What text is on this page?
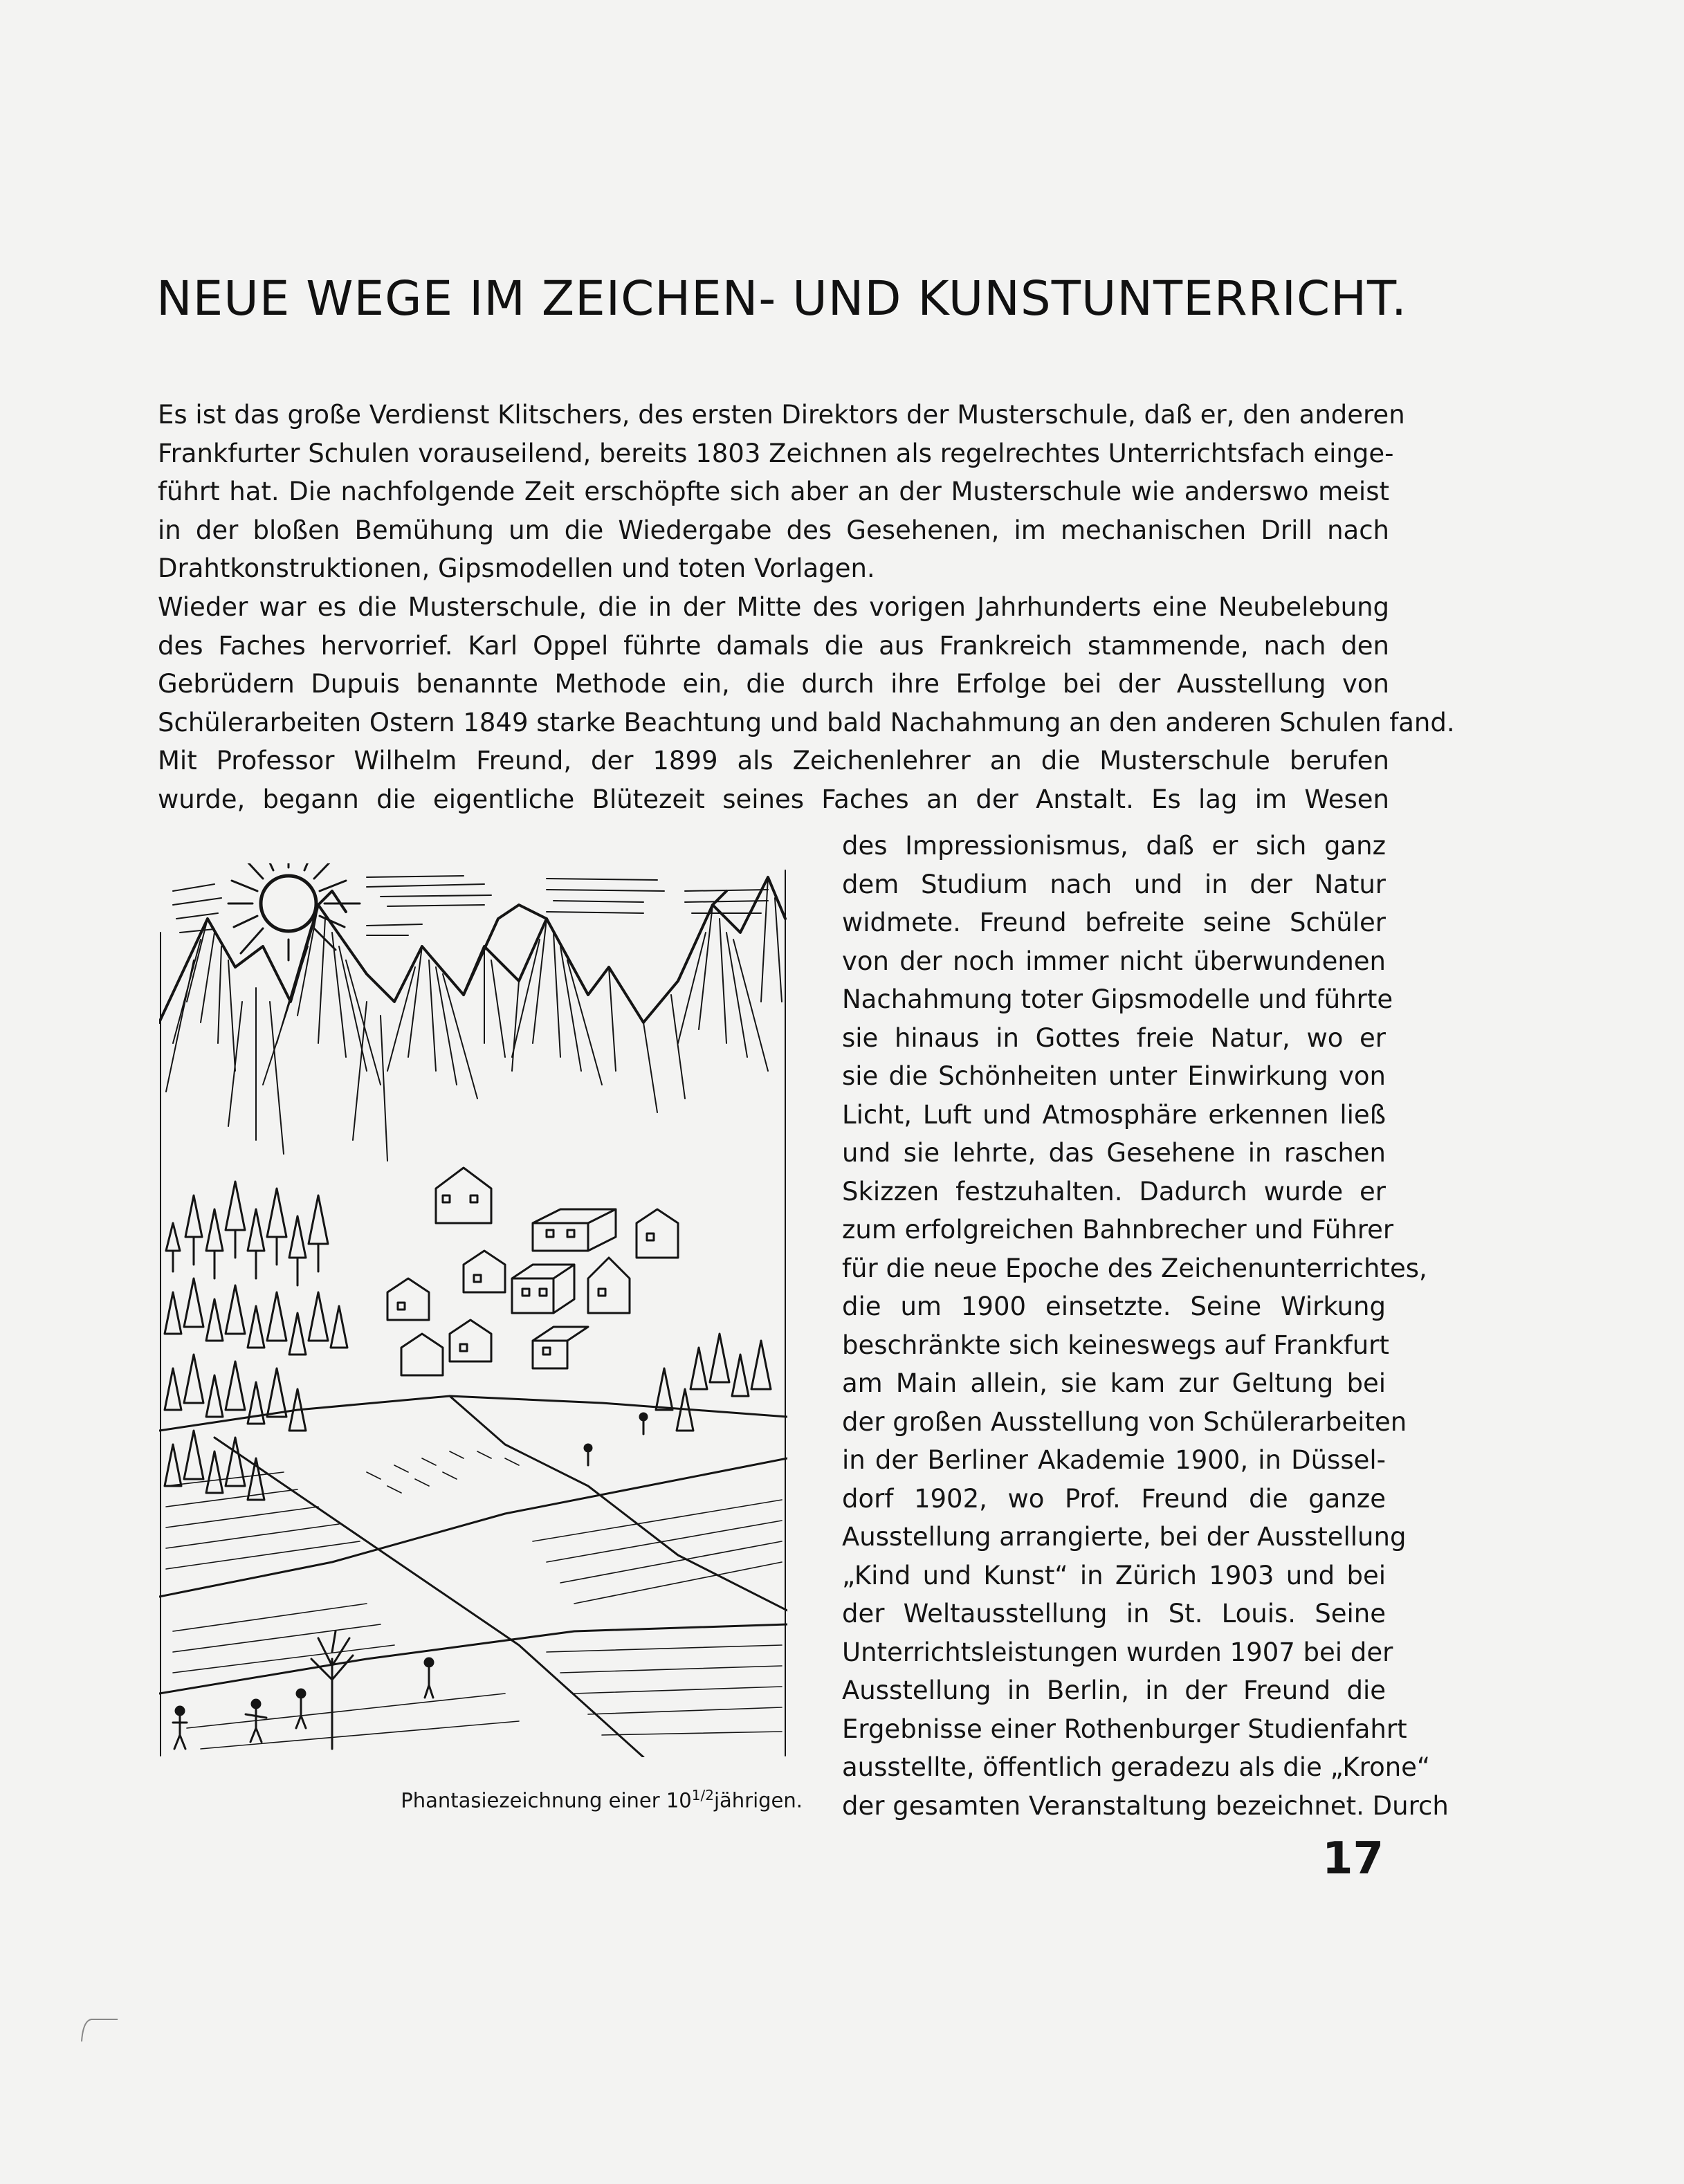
NEUE WEGE IM ZEICHEN- UND KUNSTUNTERRICHT.
Es ist das große Verdienst Klitschers, des ersten Direktors der Musterschule, daß er, den anderen
Frankfurter Schulen vorauseilend, bereits 1803 Zeichnen als regelrechtes Unterrichtsfach einge-
führt hat. Die nachfolgende Zeit erschöpfte sich aber an der Musterschule wie anderswo meist
in der bloßen Bemühung um die Wiedergabe des Gesehenen, im mechanischen Drill nach
Drahtkonstruktionen, Gipsmodellen und toten Vorlagen.
Wieder war es die Musterschule, die in der Mitte des vorigen Jahrhunderts eine Neubelebung
des Faches hervorrief. Karl Oppel führte damals die aus Frankreich stammende, nach den
Gebrüdern Dupuis benannte Methode ein, die durch ihre Erfolge bei der Ausstellung von
Schülerarbeiten Ostern 1849 starke Beachtung und bald Nachahmung an den anderen Schulen fand.
Mit Professor Wilhelm Freund, der 1899 als Zeichenlehrer an die Musterschule berufen
wurde, begann die eigentliche Blütezeit seines Faches an der Anstalt. Es lag im Wesen
des Impressionismus, daß er sich ganz
dem Studium nach und in der Natur
widmete. Freund befreite seine Schüler
von der noch immer nicht überwundenen
Nachahmung toter Gipsmodelle und führte
sie hinaus in Gottes freie Natur, wo er
sie die Schönheiten unter Einwirkung von
Licht, Luft und Atmosphäre erkennen ließ
und sie lehrte, das Gesehene in raschen
Skizzen festzuhalten. Dadurch wurde er
zum erfolgreichen Bahnbrecher und Führer
für die neue Epoche des Zeichenunterrichtes,
die um 1900 einsetzte. Seine Wirkung
beschränkte sich keineswegs auf Frankfurt
am Main allein, sie kam zur Geltung bei
der großen Ausstellung von Schülerarbeiten
in der Berliner Akademie 1900, in Düssel-
dorf 1902, wo Prof. Freund die ganze
Ausstellung arrangierte, bei der Ausstellung
„Kind und Kunst“ in Zürich 1903 und bei
der Weltausstellung in St. Louis. Seine
Unterrichtsleistungen wurden 1907 bei der
Ausstellung in Berlin, in der Freund die
Ergebnisse einer Rothenburger Studienfahrt
ausstellte, öffentlich geradezu als die „Krone“
der gesamten Veranstaltung bezeichnet. Durch
Phantasiezeichnung einer $10^{1/2}jährigen$.
17
